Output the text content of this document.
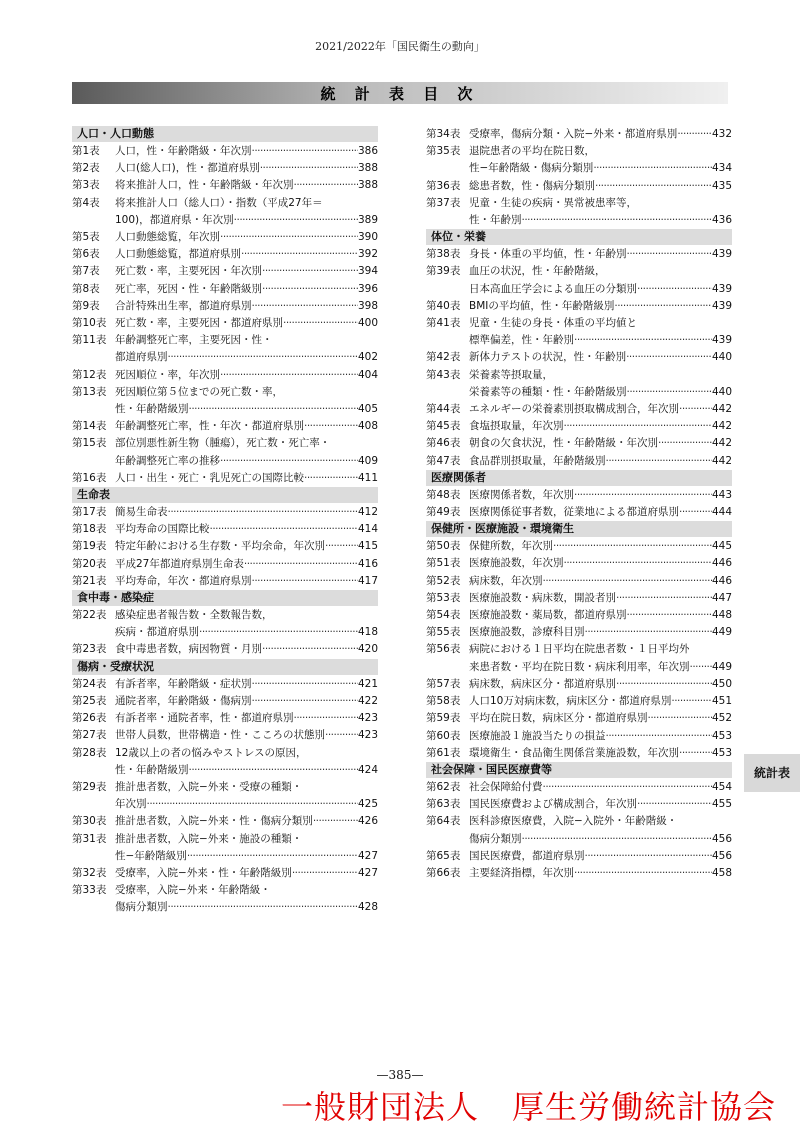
2021/2022年「国民衛生の動向」
統 計 表 目 次
人口・人口動態
第1表	人口，性・年齢階級・年次別 ·····	386
第2表	人口(総人口)，性・都道府県別 ·····	388
第3表	将来推計人口，性・年齢階級・年次別 ·····	388
第4表	将来推計人口（総人口）・指数（平成27年＝
100)，都道府県・年次別 ·····	389
第5表	人口動態総覧，年次別 ·····	390
第6表	人口動態総覧，都道府県別 ·····	392
第7表	死亡数・率，主要死因・年次別 ·····	394
第8表	死亡率，死因・性・年齢階級別 ·····	396
第9表	合計特殊出生率，都道府県別 ·····	398
第10表 死亡数・率，主要死因・都道府県別 ·····	400
第11表 年齢調整死亡率，主要死因・性・
都道府県別 ·····	402
第12表 死因順位・率，年次別 ·····	404
第13表 死因順位第５位までの死亡数・率，
性・年齢階級別 ·····	405
第14表 年齢調整死亡率，性・年次・都道府県別 ·····	408
第15表 部位別悪性新生物（腫瘍），死亡数・死亡率・
年齢調整死亡率の推移 ·····	409
第16表 人口・出生・死亡・乳児死亡の国際比較 ·····	411
生命表
第17表 簡易生命表 ·····	412
第18表 平均寿命の国際比較 ·····	414
第19表 特定年齢における生存数・平均余命，年次別 ·····	415
第20表 平成27年都道府県別生命表 ·····	416
第21表 平均寿命，年次・都道府県別 ·····	417
食中毒・感染症
第22表 感染症患者報告数・全数報告数，
疾病・都道府県別 ·····	418
第23表 食中毒患者数，病因物質・月別 ·····	420
傷病・受療状況
第24表 有訴者率，年齢階級・症状別 ·····	421
第25表 通院者率，年齢階級・傷病別 ·····	422
第26表 有訴者率・通院者率，性・都道府県別 ·····	423
第27表 世帯人員数，世帯構造・性・こころの状態別 ·····	423
第28表 12歳以上の者の悩みやストレスの原因，
性・年齢階級別 ·····	424
第29表 推計患者数，入院−外来・受療の種類・
年次別 ·····	425
第30表 推計患者数，入院−外来・性・傷病分類別 ·····	426
第31表 推計患者数，入院−外来・施設の種類・
性−年齢階級別 ·····	427
第32表 受療率，入院−外来・性・年齢階級別 ·····	427
第33表 受療率，入院−外来・年齢階級・
傷病分類別 ·····	428
第34表 受療率，傷病分類・入院−外来・都道府県別 ·····	432
第35表 退院患者の平均在院日数，
性−年齢階級・傷病分類別 ·····	434
第36表 総患者数，性・傷病分類別 ·····	435
第37表 児童・生徒の疾病・異常被患率等，
性・年齢別 ·····	436
体位・栄養
第38表 身長・体重の平均値，性・年齢別 ·····	439
第39表 血圧の状況，性・年齢階級，
日本高血圧学会による血圧の分類別 ·····	439
第40表 BMIの平均値，性・年齢階級別 ·····	439
第41表 児童・生徒の身長・体重の平均値と
標準偏差，性・年齢別 ·····	439
第42表 新体力テストの状況，性・年齢別 ·····	440
第43表 栄養素等摂取量，
栄養素等の種類・性・年齢階級別 ·····	440
第44表 エネルギーの栄養素別摂取構成割合，年次別 ·····	442
第45表 食塩摂取量，年次別 ·····	442
第46表 朝食の欠食状況，性・年齢階級・年次別 ·····	442
第47表 食品群別摂取量，年齢階級別 ·····	442
医療関係者
第48表 医療関係者数，年次別 ·····	443
第49表 医療関係従事者数，従業地による都道府県別 ·····	444
保健所・医療施設・環境衛生
第50表 保健所数，年次別 ·····	445
第51表 医療施設数，年次別 ·····	446
第52表 病床数，年次別 ·····	446
第53表 医療施設数・病床数，開設者別 ·····	447
第54表 医療施設数・薬局数，都道府県別 ·····	448
第55表 医療施設数，診療科目別 ·····	449
第56表 病院における１日平均在院患者数・１日平均外
来患者数・平均在院日数・病床利用率，年次別 ····· 449
第57表 病床数，病床区分・都道府県別 ·····	450
第58表 人口10万対病床数，病床区分・都道府県別 ·····	451
第59表 平均在院日数，病床区分・都道府県別 ·····	452
第60表 医療施設１施設当たりの損益 ·····	453
第61表 環境衛生・食品衛生関係営業施設数，年次別 ·····	453
社会保障・国民医療費等
第62表 社会保障給付費 ·····	454
第63表 国民医療費および構成割合，年次別 ·····	455
第64表 医科診療医療費，入院−入院外・年齢階級・
傷病分類別 ·····	456
第65表 国民医療費，都道府県別 ·····	456
第66表 主要経済指標，年次別 ·····	458
統計表
—385—
一般財団法人　厚生労働統計協会
